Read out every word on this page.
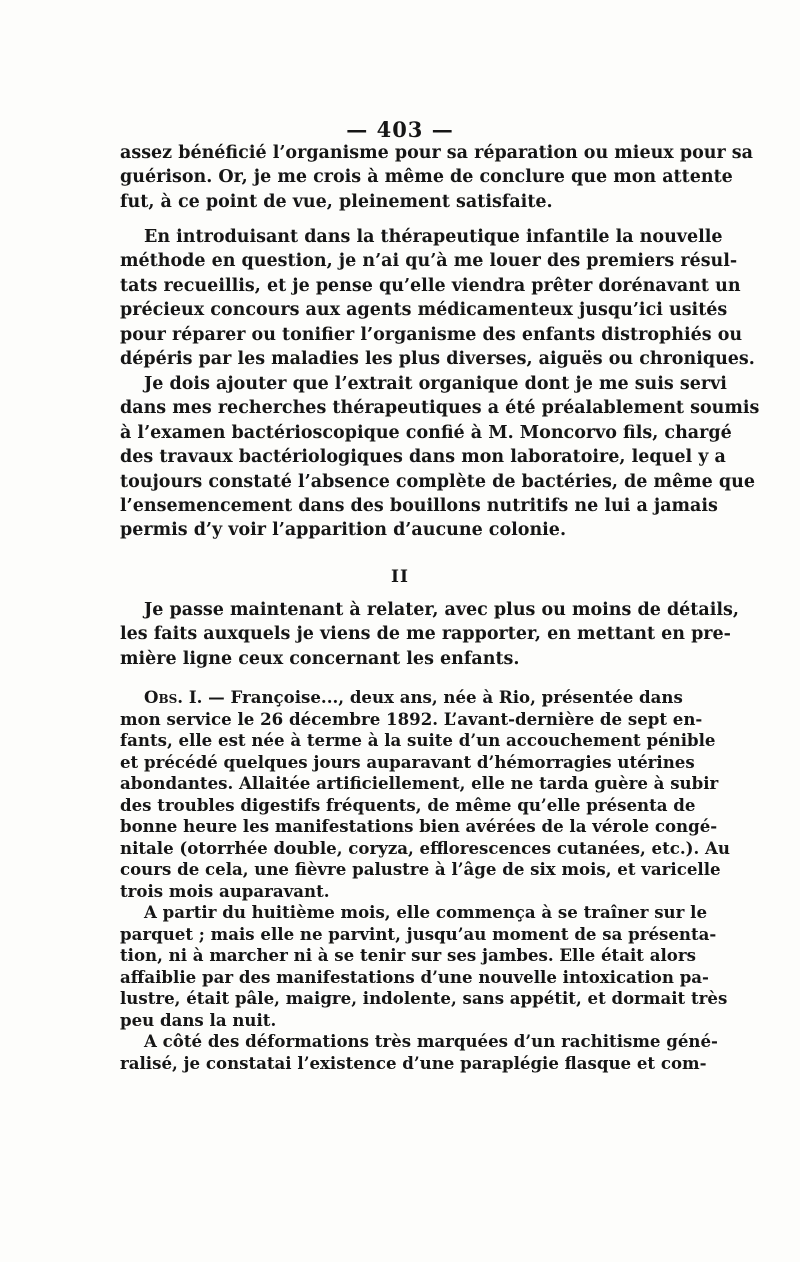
— 403 —

assez bénéficié l’organisme pour sa réparation ou mieux pour sa
guérison. Or, je me crois à même de conclure que mon attente
fut, à ce point de vue, pleinement satisfaite.

En introduisant dans la thérapeutique infantile la nouvelle
méthode en question, je n’ai qu’à me louer des premiers résul-
tats recueillis, et je pense qu’elle viendra prêter dorénavant un
précieux concours aux agents médicamenteux jusqu’ici usités
pour réparer ou tonifier l’organisme des enfants distrophiés ou
dépéris par les maladies les plus diverses, aiguës ou chroniques.

Je dois ajouter que l’extrait organique dont je me suis servi
dans mes recherches thérapeutiques a été préalablement soumis
à l’examen bactérioscopique confié à M. Moncorvo fils, chargé
des travaux bactériologiques dans mon laboratoire, lequel y a
toujours constaté l’absence complète de bactéries, de même que
l’ensemencement dans des bouillons nutritifs ne lui a jamais
permis d’y voir l’apparition d’aucune colonie.

II

Je passe maintenant à relater, avec plus ou moins de détails,
les faits auxquels je viens de me rapporter, en mettant en pre-
mière ligne ceux concernant les enfants.

Obs. I. — Françoise..., deux ans, née à Rio, présentée dans
mon service le 26 décembre 1892. L’avant-dernière de sept en-
fants, elle est née à terme à la suite d’un accouchement pénible
et précédé quelques jours auparavant d’hémorragies utérines
abondantes. Allaitée artificiellement, elle ne tarda guère à subir
des troubles digestifs fréquents, de même qu’elle présenta de
bonne heure les manifestations bien avérées de la vérole congé-
nitale (otorrhée double, coryza, efflorescences cutanées, etc.). Au
cours de cela, une fièvre palustre à l’âge de six mois, et varicelle
trois mois auparavant.

A partir du huitième mois, elle commença à se traîner sur le
parquet ; mais elle ne parvint, jusqu’au moment de sa présenta-
tion, ni à marcher ni à se tenir sur ses jambes. Elle était alors
affaiblie par des manifestations d’une nouvelle intoxication pa-
lustre, était pâle, maigre, indolente, sans appétit, et dormait très
peu dans la nuit.

A côté des déformations très marquées d’un rachitisme géné-
ralisé, je constatai l’existence d’une paraplégie flasque et com-
